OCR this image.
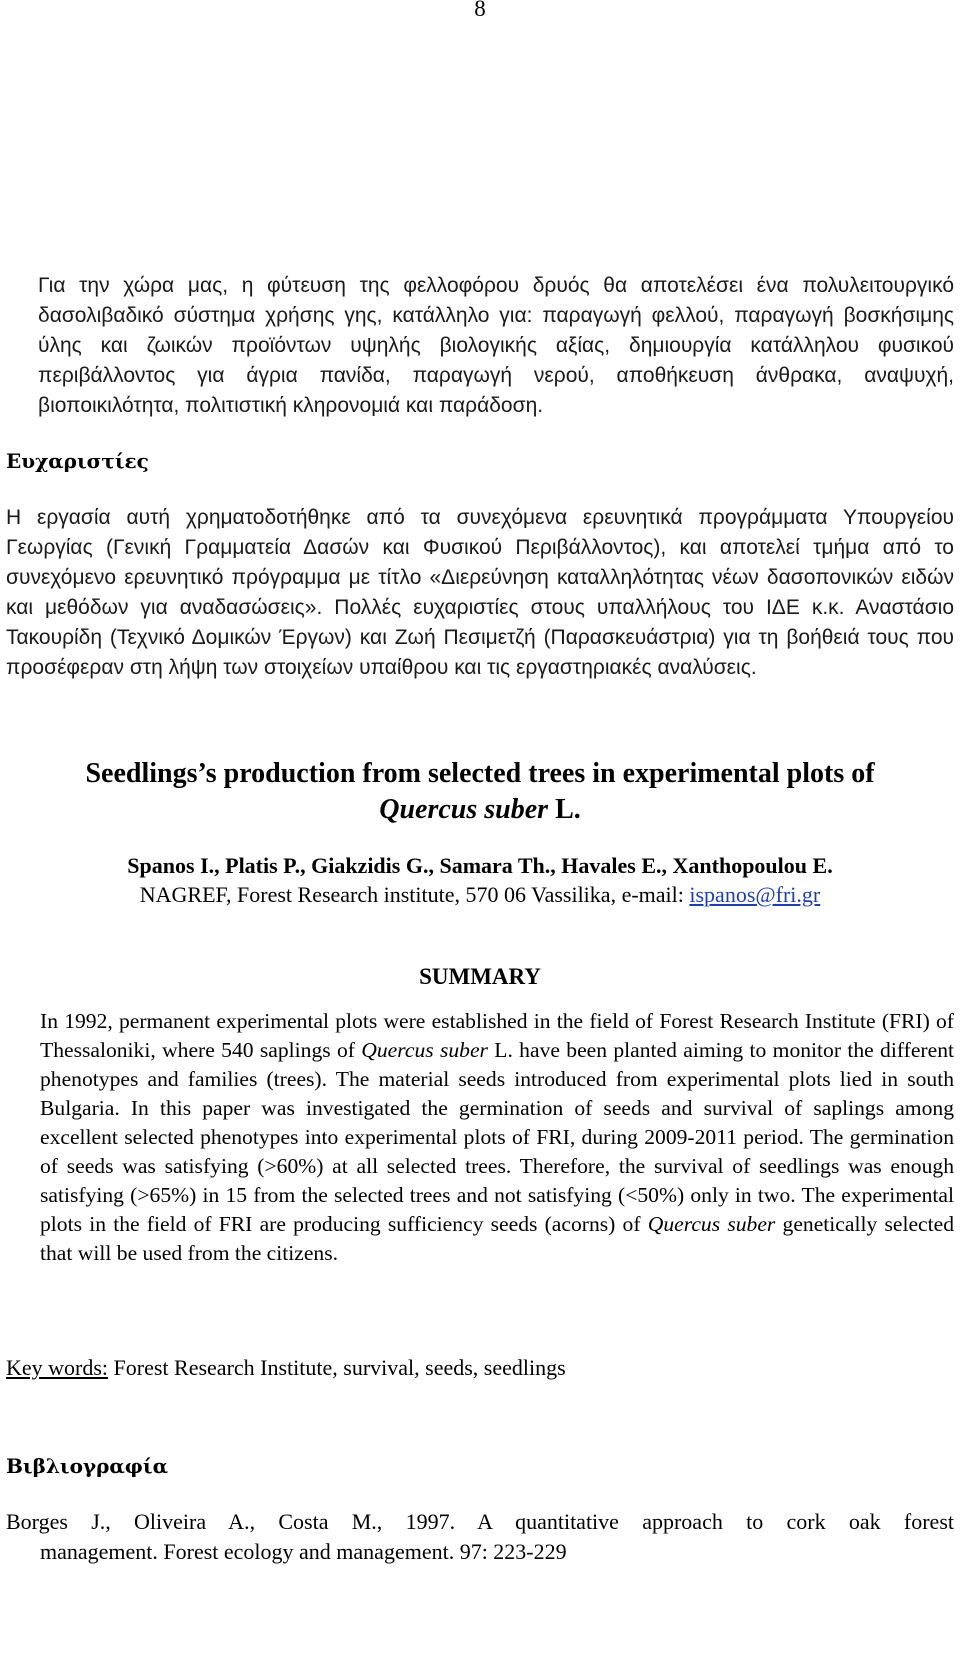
8
Για την χώρα μας, η φύτευση της φελλοφόρου δρυός θα αποτελέσει ένα πολυλειτουργικό δασολιβαδικό σύστημα χρήσης γης, κατάλληλο για: παραγωγή φελλού, παραγωγή βοσκήσιμης ύλης και ζωικών προϊόντων υψηλής βιολογικής αξίας, δημιουργία κατάλληλου φυσικού περιβάλλοντος για άγρια πανίδα, παραγωγή νερού, αποθήκευση άνθρακα, αναψυχή, βιοποικιλότητα, πολιτιστική κληρονομιά και παράδοση.
Ευχαριστίες
Η εργασία αυτή χρηματοδοτήθηκε από τα συνεχόμενα ερευνητικά προγράμματα Υπουργείου Γεωργίας (Γενική Γραμματεία Δασών και Φυσικού Περιβάλλοντος), και αποτελεί τμήμα από το συνεχόμενο ερευνητικό πρόγραμμα με τίτλο «Διερεύνηση καταλληλότητας νέων δασοπονικών ειδών και μεθόδων για αναδασώσεις». Πολλές ευχαριστίες στους υπαλλήλους του ΙΔΕ κ.κ. Αναστάσιο Τακουρίδη (Τεχνικό Δομικών Έργων) και Ζωή Πεσιμετζή (Παρασκευάστρια) για τη βοήθειά τους που προσέφεραν στη λήψη των στοιχείων υπαίθρου και τις εργαστηριακές αναλύσεις.
Seedlings’s production from selected trees in experimental plots of
Quercus suber L.
Spanos I., Platis P., Giakzidis G., Samara Th., Havales E., Xanthopoulou E.
NAGREF, Forest Research institute, 570 06 Vassilika, e-mail: ispanos@fri.gr
SUMMARY
In 1992, permanent experimental plots were established in the field of Forest Research Institute (FRI) of Thessaloniki, where 540 saplings of Quercus suber L. have been planted aiming to monitor the different phenotypes and families (trees). The material seeds introduced from experimental plots lied in south Bulgaria. In this paper was investigated the germination of seeds and survival of saplings among excellent selected phenotypes into experimental plots of FRI, during 2009-2011 period. The germination of seeds was satisfying (>60%) at all selected trees. Therefore, the survival of seedlings was enough satisfying (>65%) in 15 from the selected trees and not satisfying (<50%) only in two. The experimental plots in the field of FRI are producing sufficiency seeds (acorns) of Quercus suber genetically selected that will be used from the citizens.
Key words: Forest Research Institute, survival, seeds, seedlings
Βιβλιογραφία
Borges J., Oliveira A., Costa M., 1997. A quantitative approach to cork oak forest
management. Forest ecology and management. 97: 223-229
